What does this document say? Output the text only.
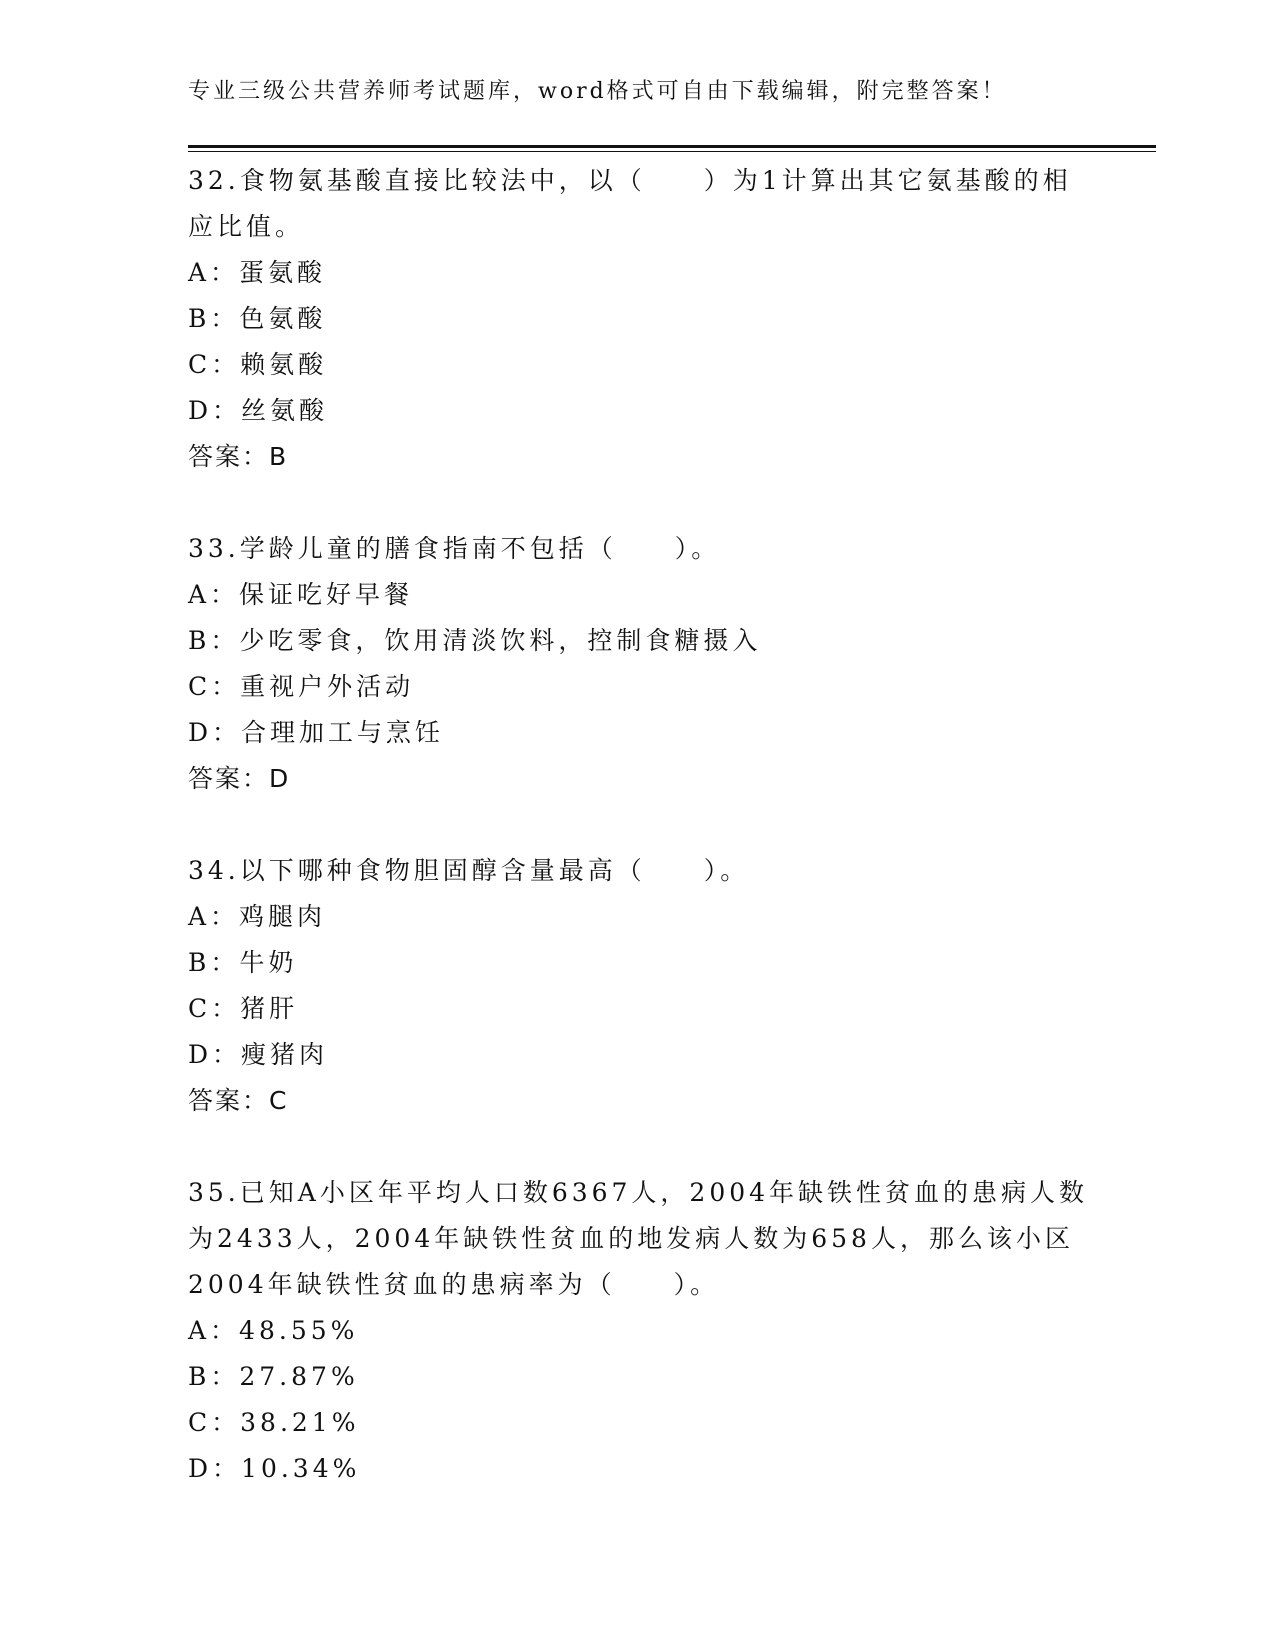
专业三级公共营养师考试题库，word格式可自由下载编辑，附完整答案！
32.食物氨基酸直接比较法中，以（　　）为1计算出其它氨基酸的相
应比值。
A：蛋氨酸
B：色氨酸
C：赖氨酸
D：丝氨酸
答案：B
33.学龄儿童的膳食指南不包括（　　）。
A：保证吃好早餐
B：少吃零食，饮用清淡饮料，控制食糖摄入
C：重视户外活动
D：合理加工与烹饪
答案：D
34.以下哪种食物胆固醇含量最高（　　）。
A：鸡腿肉
B：牛奶
C：猪肝
D：瘦猪肉
答案：C
35.已知A小区年平均人口数6367人，2004年缺铁性贫血的患病人数
为2433人，2004年缺铁性贫血的地发病人数为658人，那么该小区
2004年缺铁性贫血的患病率为（　　）。
A：48.55%
B：27.87%
C：38.21%
D：10.34%
